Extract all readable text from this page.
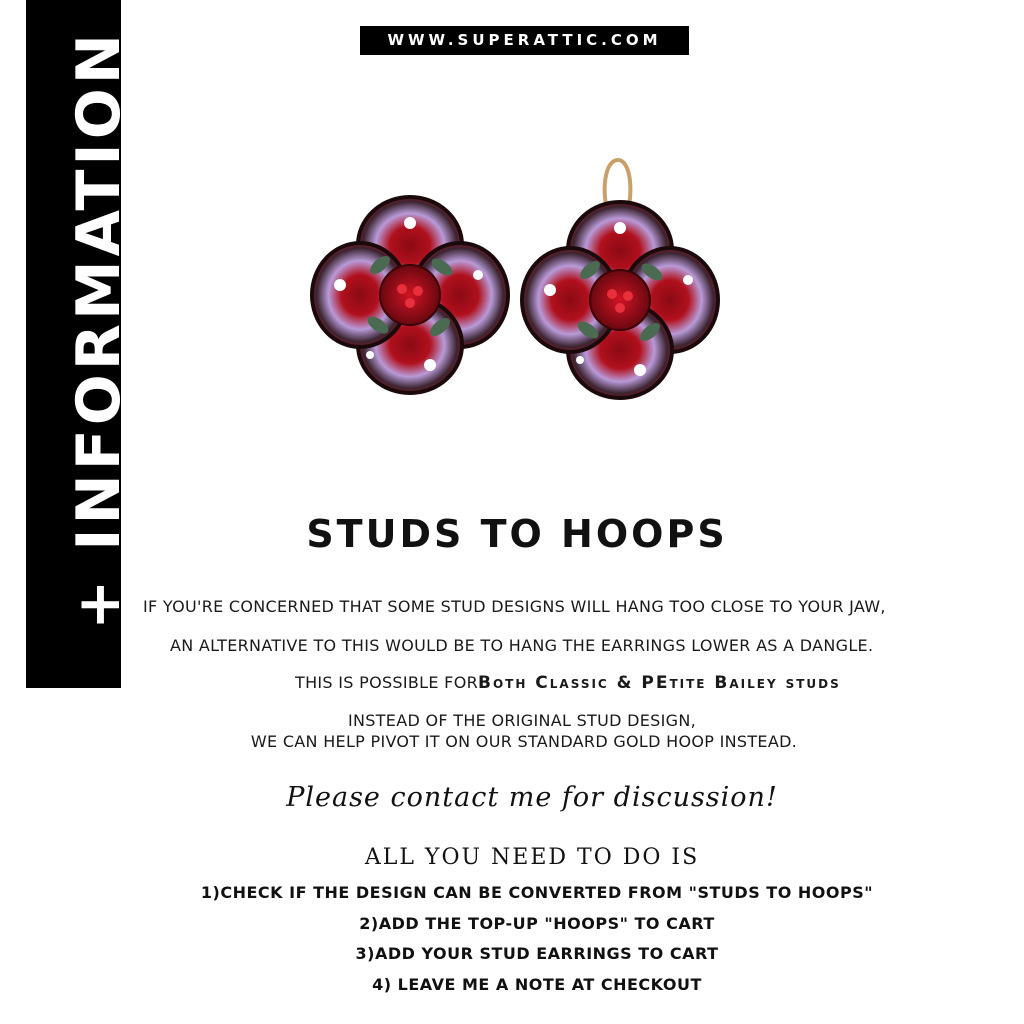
+ INFORMATION	WWW.SUPERATTIC.COM
STUDS TO HOOPS
IF YOU'RE CONCERNED THAT SOME STUD DESIGNS WILL HANG TOO CLOSE TO YOUR JAW,
AN ALTERNATIVE TO THIS WOULD BE TO HANG THE EARRINGS LOWER AS A DANGLE.
THIS IS POSSIBLE FORBoth Classic & PEtite Bailey studs
INSTEAD OF THE ORIGINAL STUD DESIGN,
WE CAN HELP PIVOT IT ON OUR STANDARD GOLD HOOP INSTEAD.
Please contact me for discussion!
ALL YOU NEED TO DO IS
1)CHECK IF THE DESIGN CAN BE CONVERTED FROM "STUDS TO HOOPS"
2)ADD THE TOP-UP "HOOPS" TO CART
3)ADD YOUR STUD EARRINGS TO CART
4) LEAVE ME A NOTE AT CHECKOUT
